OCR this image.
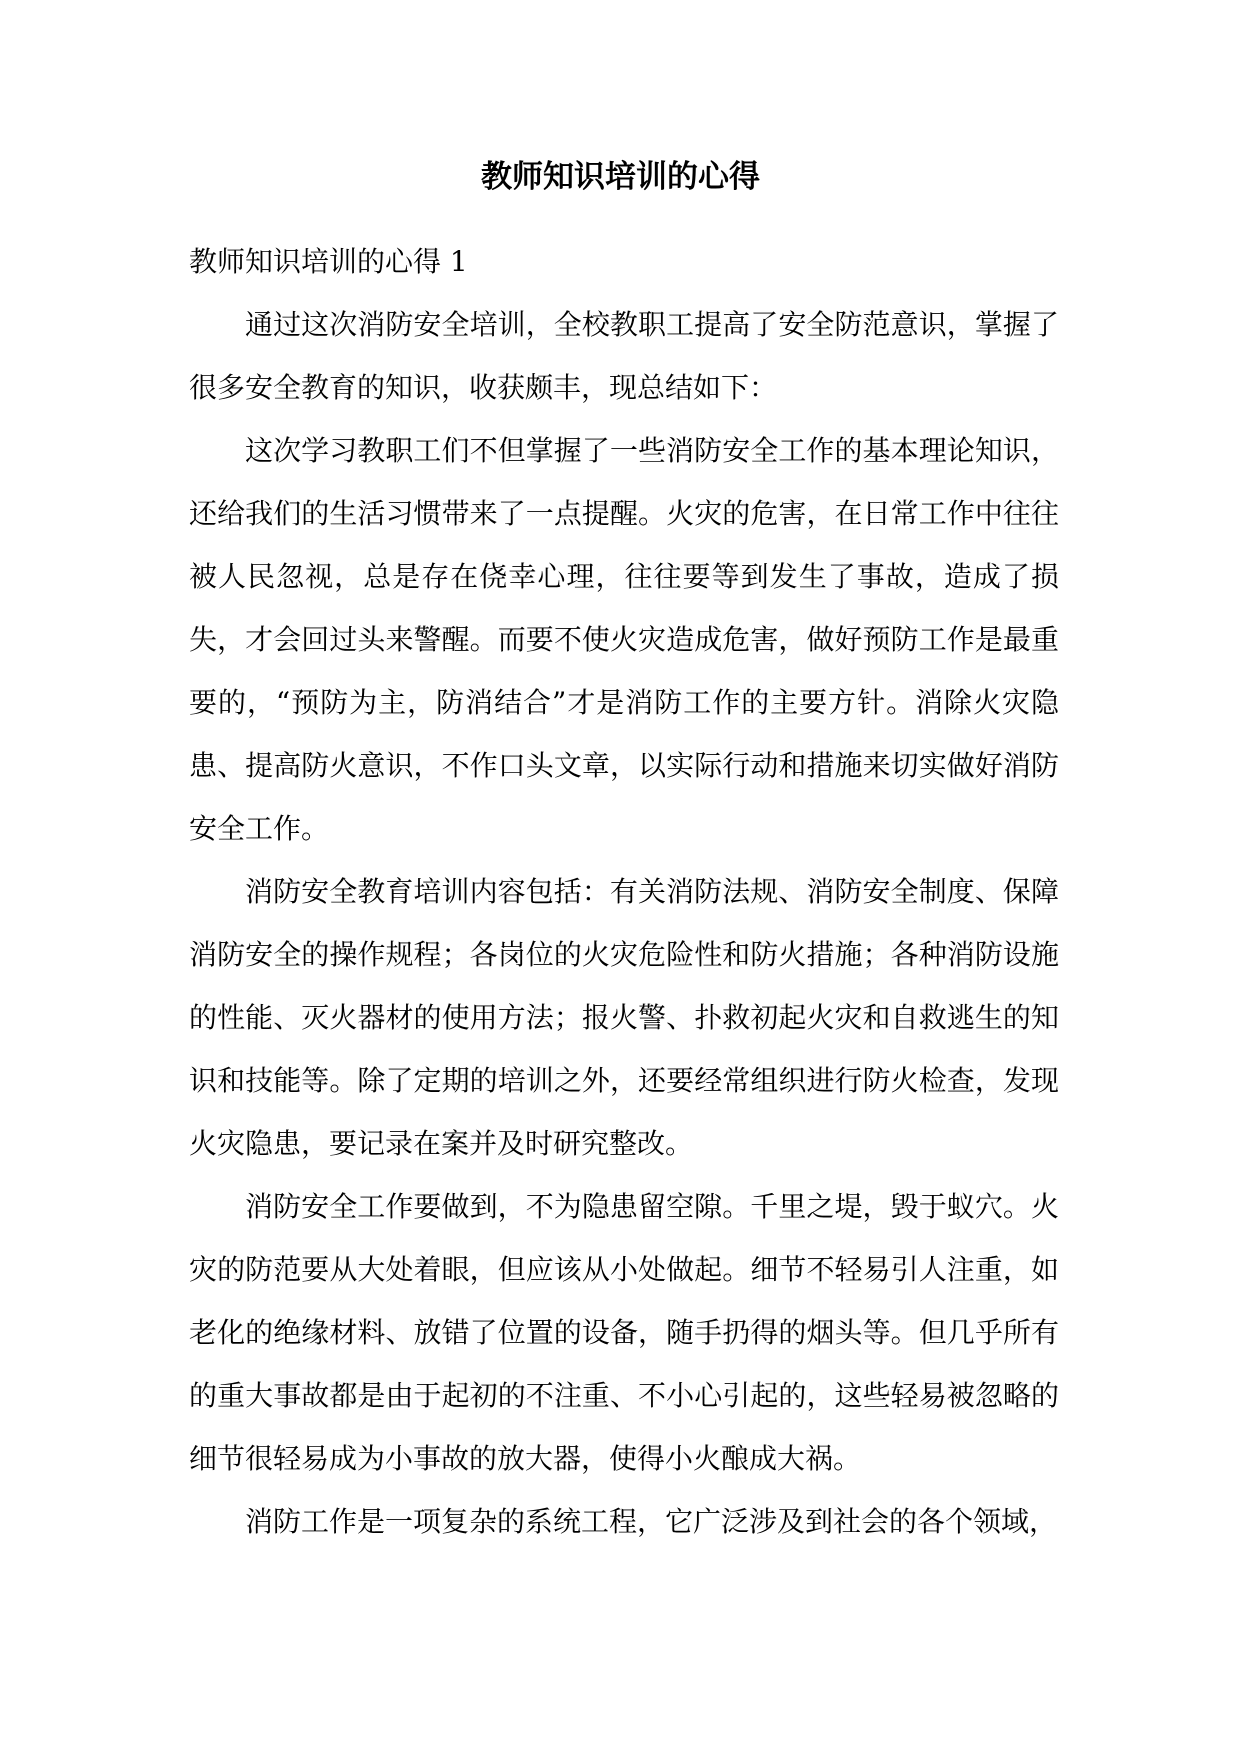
教师知识培训的心得
教师知识培训的心得 1

通过这次消防安全培训，全校教职工提高了安全防范意识，掌握了很多安全教育的知识，收获颇丰，现总结如下：

这次学习教职工们不但掌握了一些消防安全工作的基本理论知识，还给我们的生活习惯带来了一点提醒。火灾的危害，在日常工作中往往被人民忽视，总是存在侥幸心理，往往要等到发生了事故，造成了损失，才会回过头来警醒。而要不使火灾造成危害，做好预防工作是最重要的，“预防为主，防消结合”才是消防工作的主要方针。消除火灾隐患、提高防火意识，不作口头文章，以实际行动和措施来切实做好消防安全工作。

消防安全教育培训内容包括：有关消防法规、消防安全制度、保障消防安全的操作规程；各岗位的火灾危险性和防火措施；各种消防设施的性能、灭火器材的使用方法；报火警、扑救初起火灾和自救逃生的知识和技能等。除了定期的培训之外，还要经常组织进行防火检查，发现火灾隐患，要记录在案并及时研究整改。

消防安全工作要做到，不为隐患留空隙。千里之堤，毁于蚁穴。火灾的防范要从大处着眼，但应该从小处做起。细节不轻易引人注重，如老化的绝缘材料、放错了位置的设备，随手扔得的烟头等。但几乎所有的重大事故都是由于起初的不注重、不小心引起的，这些轻易被忽略的细节很轻易成为小事故的放大器，使得小火酿成大祸。

消防工作是一项复杂的系统工程，它广泛涉及到社会的各个领域，
